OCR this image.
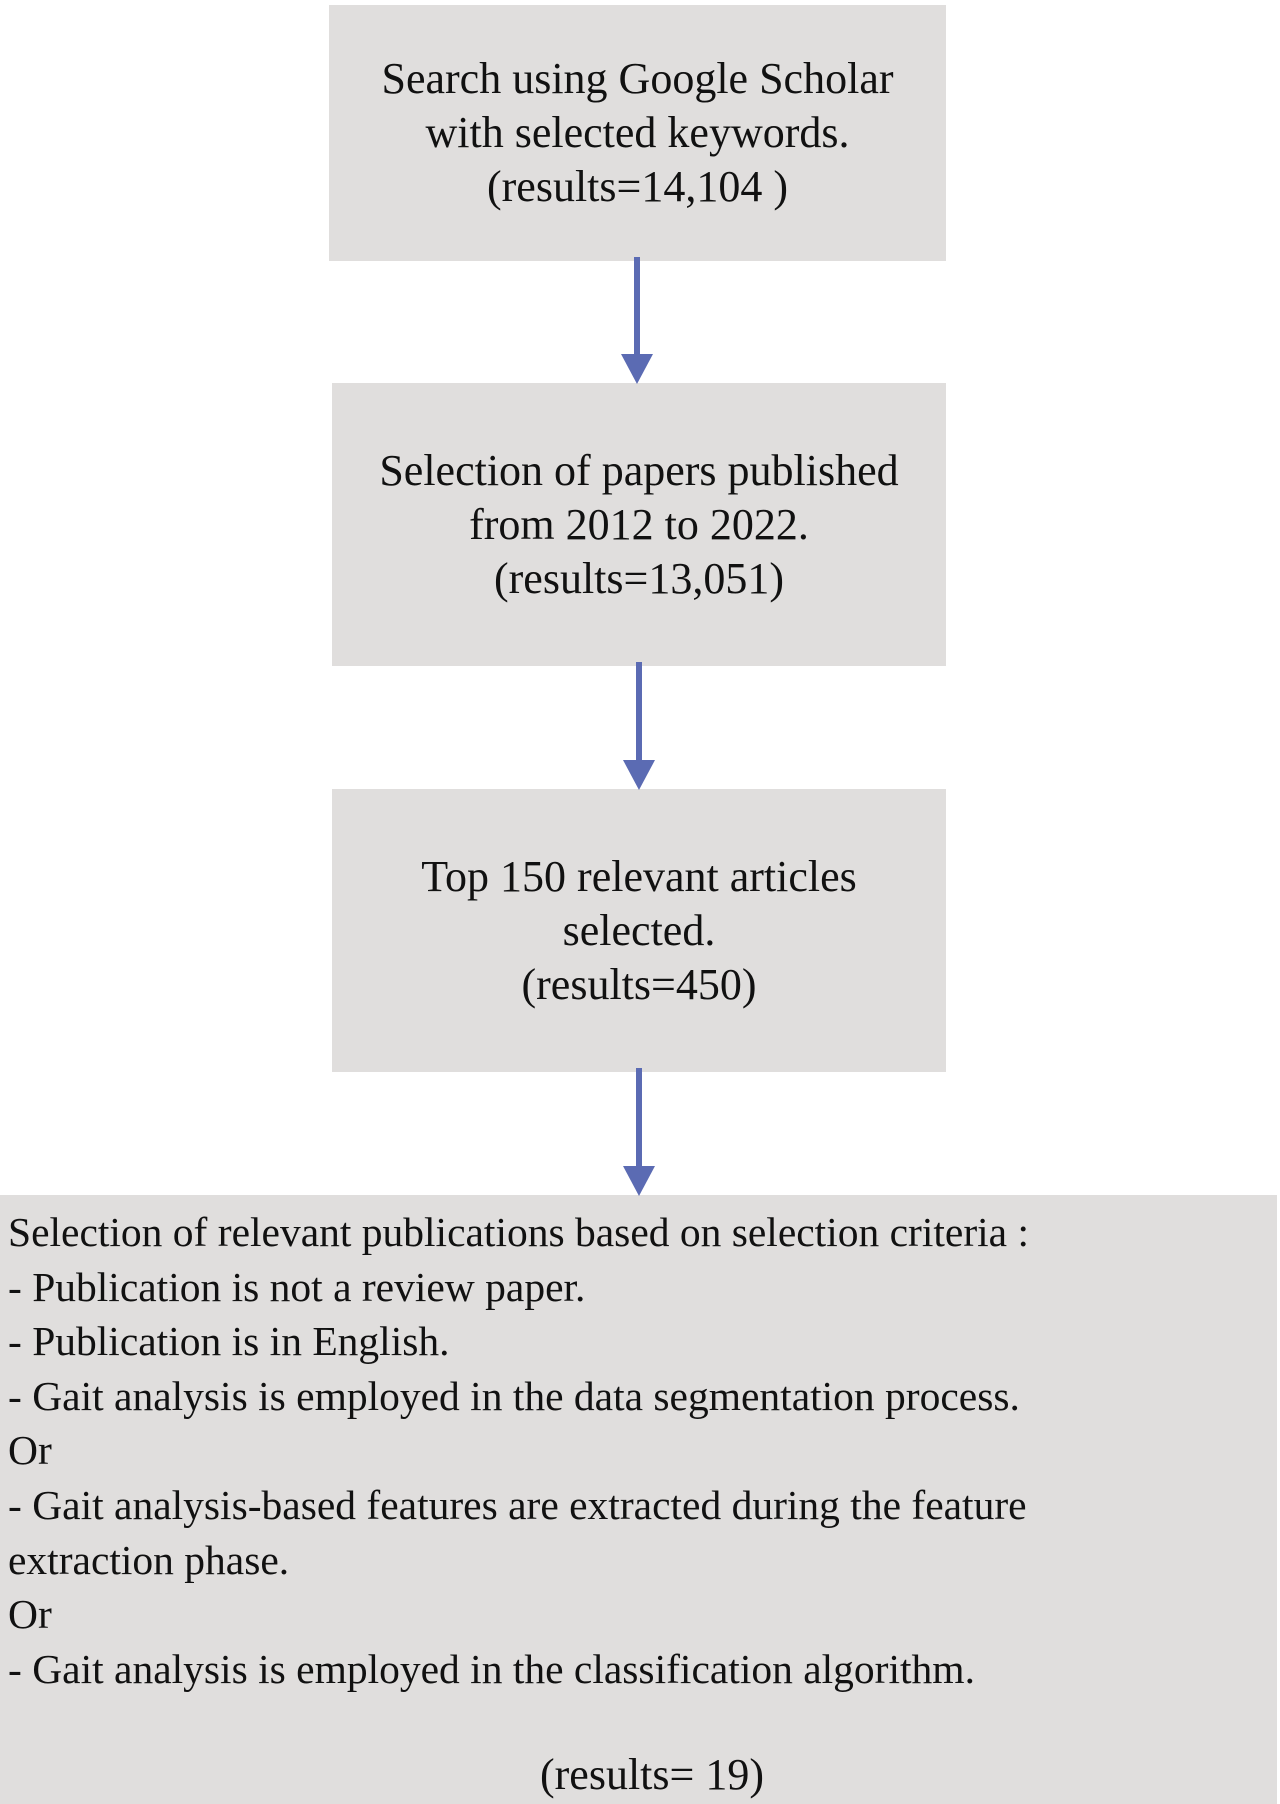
Search using Google Scholar
with selected keywords.
(results=14,104 )
Selection of papers published
from 2012 to 2022.
(results=13,051)
Top 150 relevant articles
selected.
(results=450)
Selection of relevant publications based on selection criteria :
- Publication is not a review paper.
- Publication is in English.
- Gait analysis is employed in the data segmentation process.
Or
- Gait analysis-based features are extracted during the feature
extraction phase.
Or
- Gait analysis is employed in the classification algorithm.
(results= 19)
